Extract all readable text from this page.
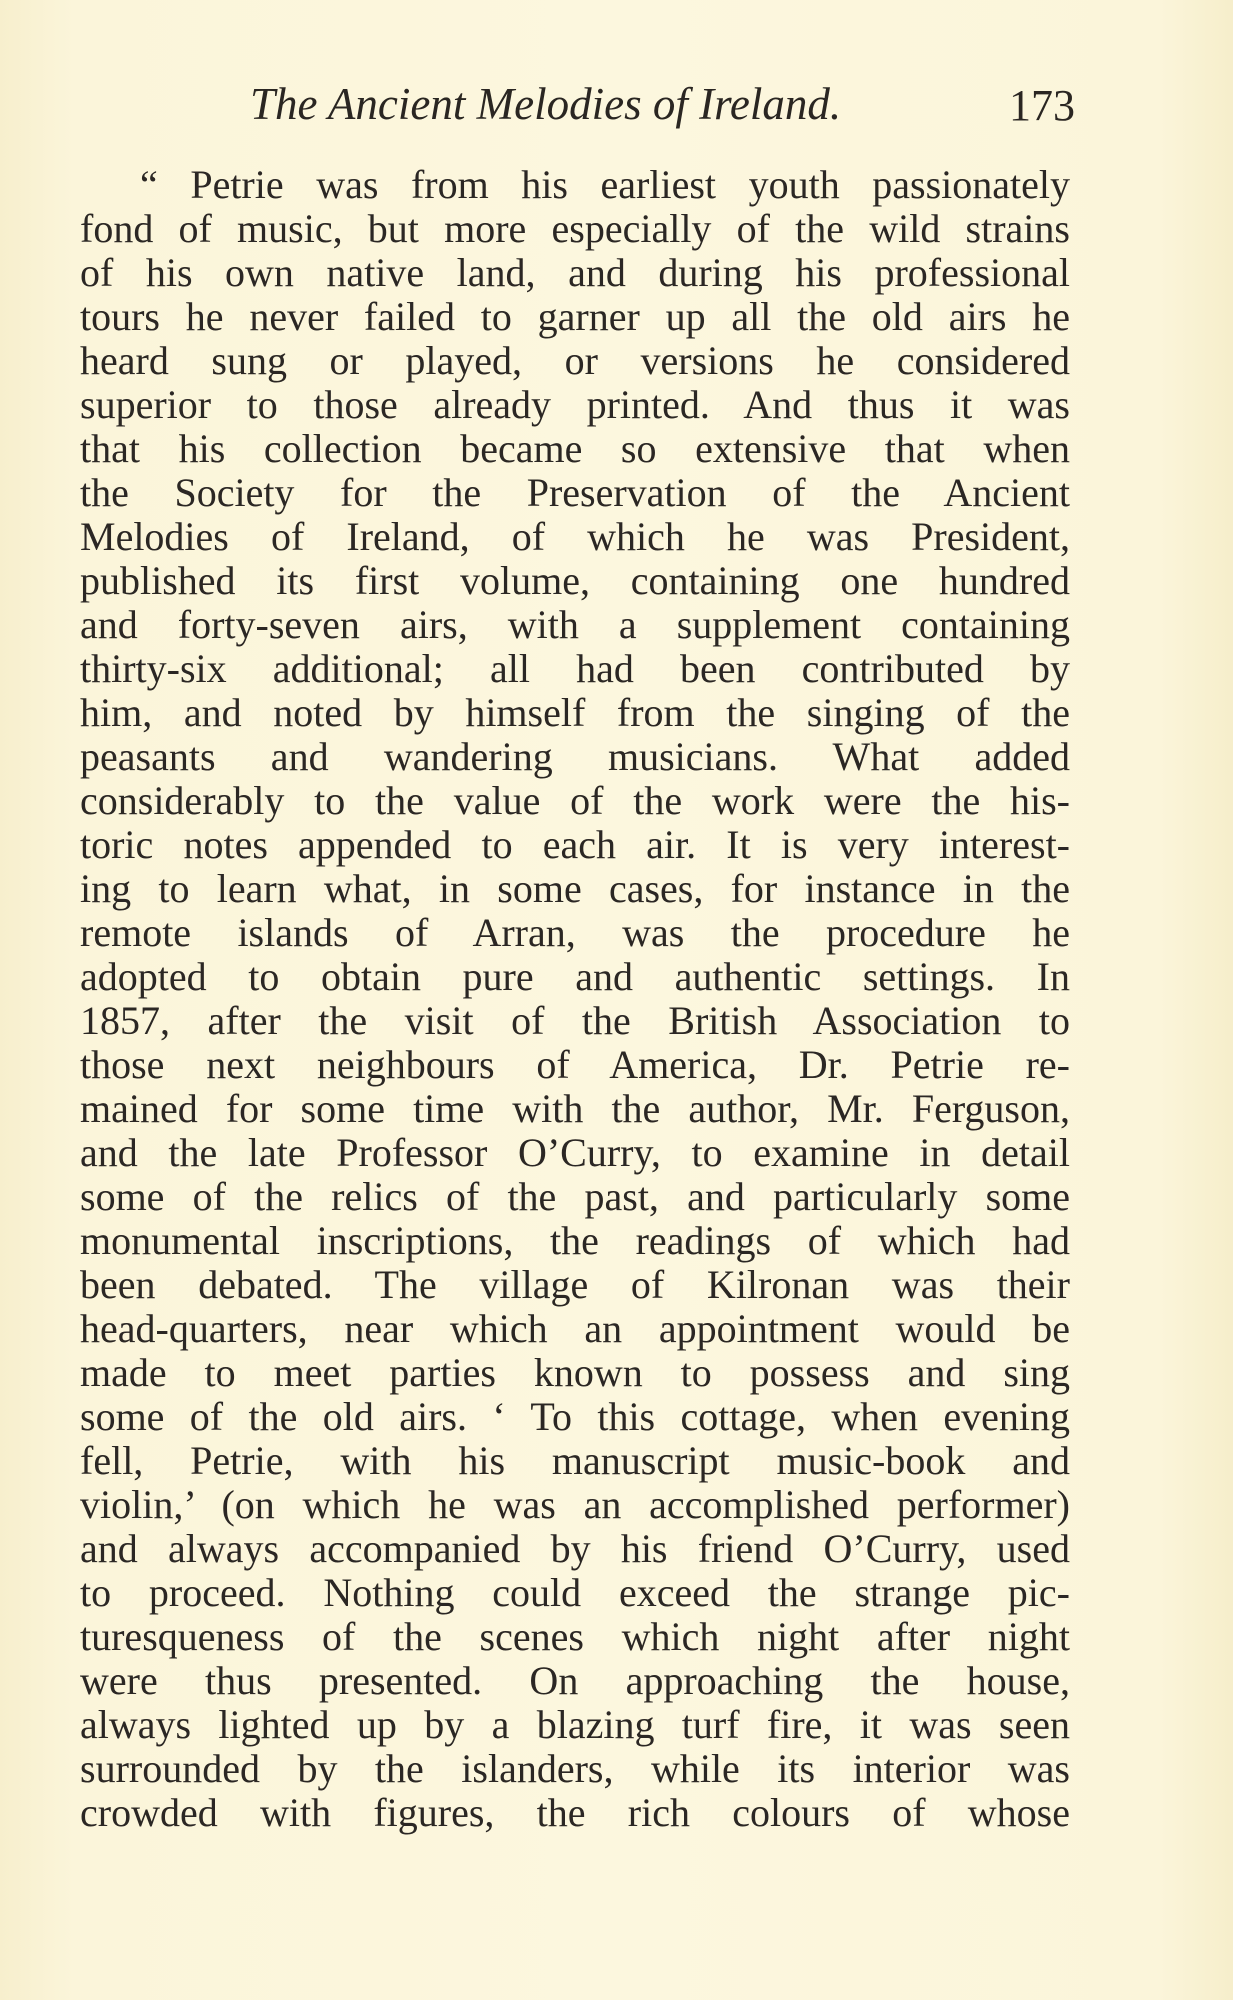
The Ancient Melodies of Ireland.	173
“ Petrie was from his earliest youth passionately
fond of music, but more especially of the wild strains
of his own native land, and during his professional
tours he never failed to garner up all the old airs he
heard sung or played, or versions he considered
superior to those already printed. And thus it was
that his collection became so extensive that when
the Society for the Preservation of the Ancient
Melodies of Ireland, of which he was President,
published its first volume, containing one hundred
and forty-seven airs, with a supplement containing
thirty-six additional; all had been contributed by
him, and noted by himself from the singing of the
peasants and wandering musicians. What added
considerably to the value of the work were the his-
toric notes appended to each air. It is very interest-
ing to learn what, in some cases, for instance in the
remote islands of Arran, was the procedure he
adopted to obtain pure and authentic settings. In
1857, after the visit of the British Association to
those next neighbours of America, Dr. Petrie re-
mained for some time with the author, Mr. Ferguson,
and the late Professor O’Curry, to examine in detail
some of the relics of the past, and particularly some
monumental inscriptions, the readings of which had
been debated. The village of Kilronan was their
head-quarters, near which an appointment would be
made to meet parties known to possess and sing
some of the old airs. ‘ To this cottage, when evening
fell, Petrie, with his manuscript music-book and
violin,’ (on which he was an accomplished performer)
and always accompanied by his friend O’Curry, used
to proceed. Nothing could exceed the strange pic-
turesqueness of the scenes which night after night
were thus presented. On approaching the house,
always lighted up by a blazing turf fire, it was seen
surrounded by the islanders, while its interior was
crowded with figures, the rich colours of whose
